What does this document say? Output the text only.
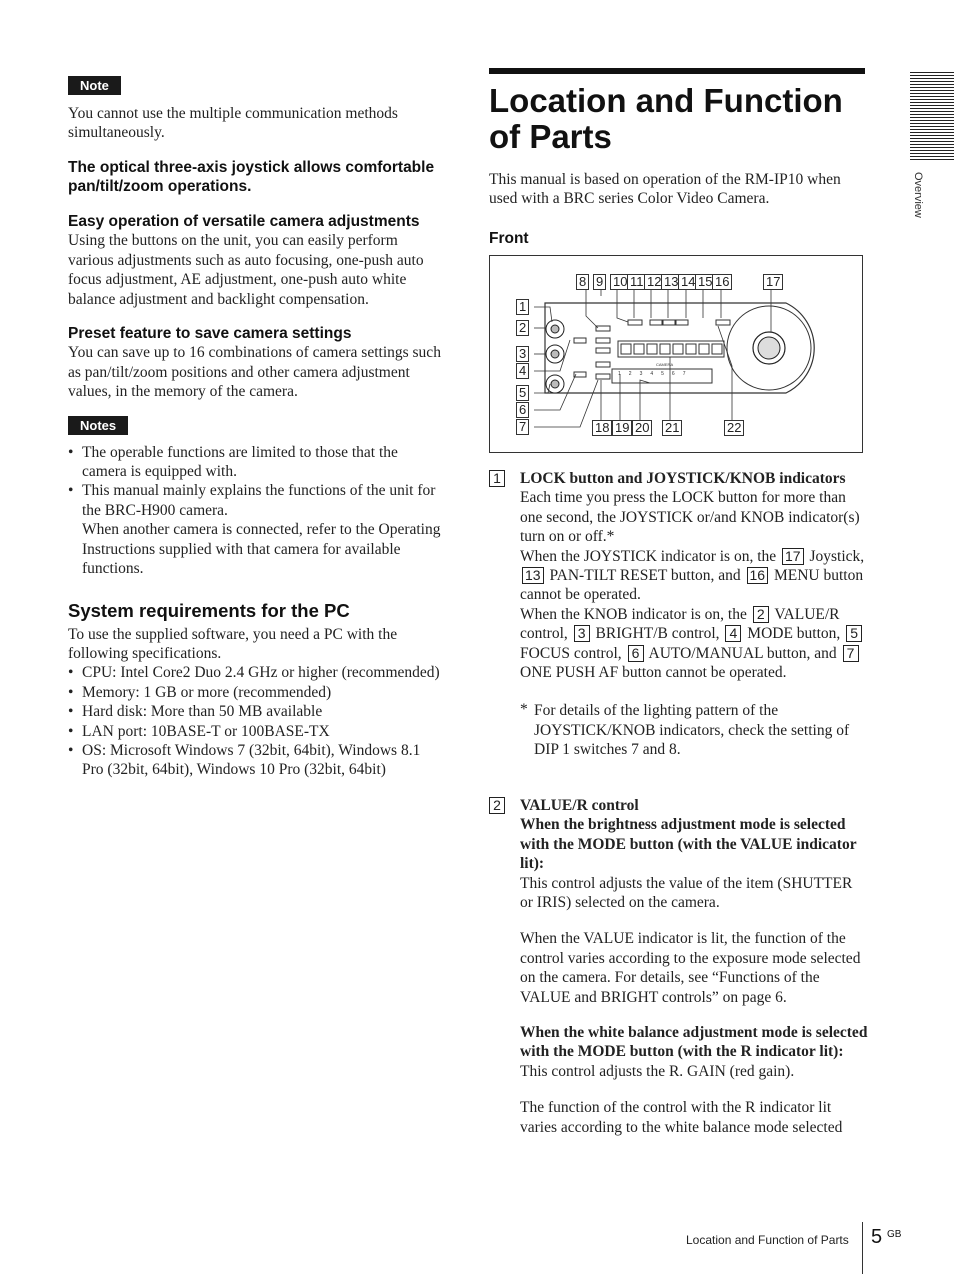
Note

You cannot use the multiple communication methods simultaneously.

The optical three-axis joystick allows comfortable pan/tilt/zoom operations.
Easy operation of versatile camera adjustments

Using the buttons on the unit, you can easily perform various adjustments such as auto focusing, one-push auto focus adjustment, AE adjustment, one-push auto white balance adjustment and backlight compensation.

Preset feature to save camera settings

You can save up to 16 combinations of camera settings such as pan/tilt/zoom positions and other camera adjustment values, in the memory of the camera.

Notes
• The operable functions are limited to those that the camera is equipped with.
• This manual mainly explains the functions of the unit for the BRC-H900 camera.
When another camera is connected, refer to the Operating Instructions supplied with that camera for available functions.
System requirements for the PC

To use the supplied software, you need a PC with the following specifications.

• CPU: Intel Core2 Duo 2.4 GHz or higher (recommended)
• Memory: 1 GB or more (recommended)
• Hard disk: More than 50 MB available
• LAN port: 10BASE-T or 100BASE-TX
• OS: Microsoft Windows 7 (32bit, 64bit), Windows 8.1 Pro (32bit, 64bit), Windows 10 Pro (32bit, 64bit)
Location and Function of Parts

This manual is based on operation of the RM-IP10 when used with a BRC series Color Video Camera.

Front
8 9 10 11 12 13 14 15 16	17
1
2
3
4
5
6
7	18 19 20 21	22
CAMERA
1 2 3 4 5 6 7
1 LOCK button and JOYSTICK/KNOB indicators

Each time you press the LOCK button for more than one second, the JOYSTICK or/and KNOB indicator(s) turn on or off.*

When the JOYSTICK indicator is on, the 17 Joystick, 13 PAN-TILT RESET button, and 16 MENU button cannot be operated.

When the KNOB indicator is on, the 2 VALUE/R control, 3 BRIGHT/B control, 4 MODE button, 5 FOCUS control, 6 AUTO/MANUAL button, and 7 ONE PUSH AF button cannot be operated.

* For details of the lighting pattern of the JOYSTICK/KNOB indicators, check the setting of DIP 1 switches 7 and 8.

2 VALUE/R control

When the brightness adjustment mode is selected with the MODE button (with the VALUE indicator lit):

This control adjusts the value of the item (SHUTTER or IRIS) selected on the camera.

When the VALUE indicator is lit, the function of the control varies according to the exposure mode selected on the camera. For details, see “Functions of the VALUE and BRIGHT controls” on page 6.

When the white balance adjustment mode is selected with the MODE button (with the R indicator lit):

This control adjusts the R. GAIN (red gain).

The function of the control with the R indicator lit varies according to the white balance mode selected

Overview
Location and Function of Parts 5 GB
